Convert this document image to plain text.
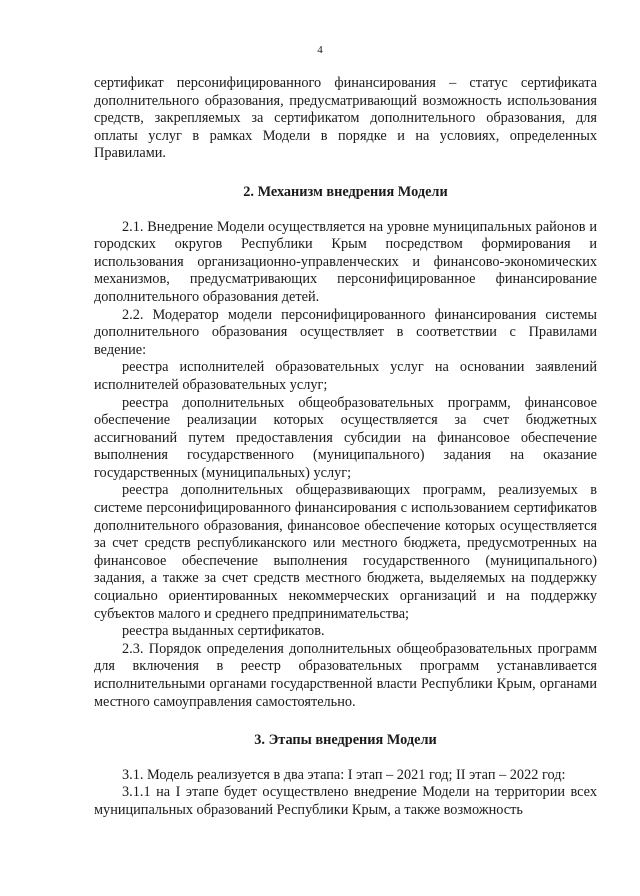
4

сертификат персонифицированного финансирования – статус сертификата дополнительного образования, предусматривающий возможность использования средств, закрепляемых за сертификатом дополнительного образования, для оплаты услуг в рамках Модели в порядке и на условиях, определенных Правилами.

2. Механизм внедрения Модели

2.1. Внедрение Модели осуществляется на уровне муниципальных районов и городских округов Республики Крым посредством формирования и использования организационно-управленческих и финансово-экономических механизмов, предусматривающих персонифицированное финансирование дополнительного образования детей.

2.2. Модератор модели персонифицированного финансирования системы дополнительного образования осуществляет в соответствии с Правилами ведение:

реестра исполнителей образовательных услуг на основании заявлений исполнителей образовательных услуг;

реестра дополнительных общеобразовательных программ, финансовое обеспечение реализации которых осуществляется за счет бюджетных ассигнований путем предоставления субсидии на финансовое обеспечение выполнения государственного (муниципального) задания на оказание государственных (муниципальных) услуг;

реестра дополнительных общеразвивающих программ, реализуемых в системе персонифицированного финансирования с использованием сертификатов дополнительного образования, финансовое обеспечение которых осуществляется за счет средств республиканского или местного бюджета, предусмотренных на финансовое обеспечение выполнения государственного (муниципального) задания, а также за счет средств местного бюджета, выделяемых на поддержку социально ориентированных некоммерческих организаций и на поддержку субъектов малого и среднего предпринимательства;

реестра выданных сертификатов.

2.3. Порядок определения дополнительных общеобразовательных программ для включения в реестр образовательных программ устанавливается исполнительными органами государственной власти Республики Крым, органами местного самоуправления самостоятельно.

3. Этапы внедрения Модели

3.1. Модель реализуется в два этапа: I этап – 2021 год; II этап – 2022 год:

3.1.1 на I этапе будет осуществлено внедрение Модели на территории всех муниципальных образований Республики Крым, а также возможность
